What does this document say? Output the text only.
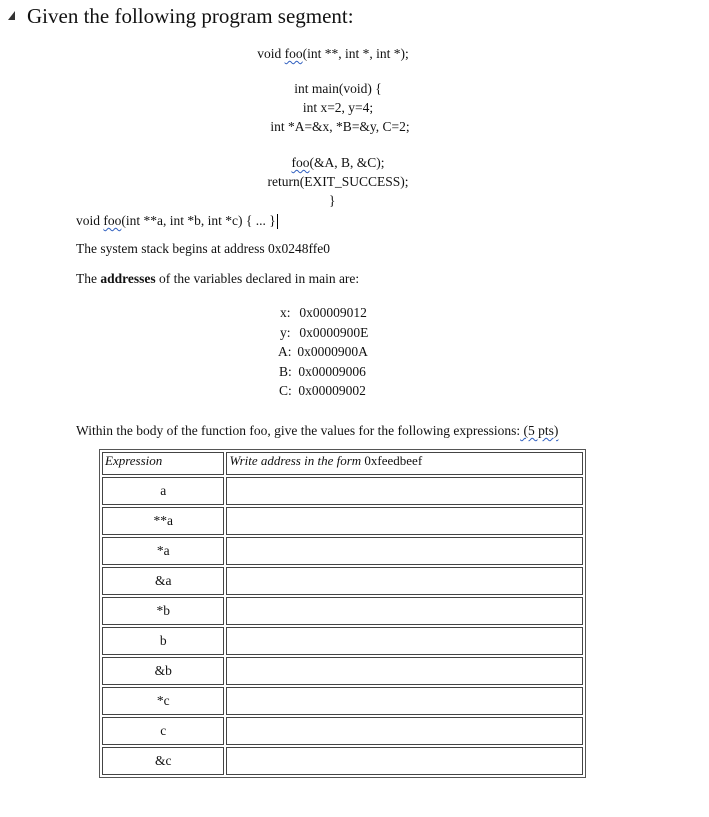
Given the following program segment:
void foo(int **, int *, int *);
int main(void) {
int x=2, y=4;
int *A=&x, *B=&y, C=2;
foo(&A, B, &C);
return(EXIT_SUCCESS);
}
void foo(int **a, int *b, int *c) { ... }
The system stack begins at address 0x0248ffe0
The addresses of the variables declared in main are:
x: 0x00009012
y: 0x0000900E
A: 0x0000900A
B: 0x00009006
C: 0x00009002
Within the body of the function foo, give the values for the following expressions: (5 pts)
Expression	Write address in the form 0xfeedbeef
a	
**a	
*a	
&a	
*b	
b	
&b	
*c	
c	
&c	
